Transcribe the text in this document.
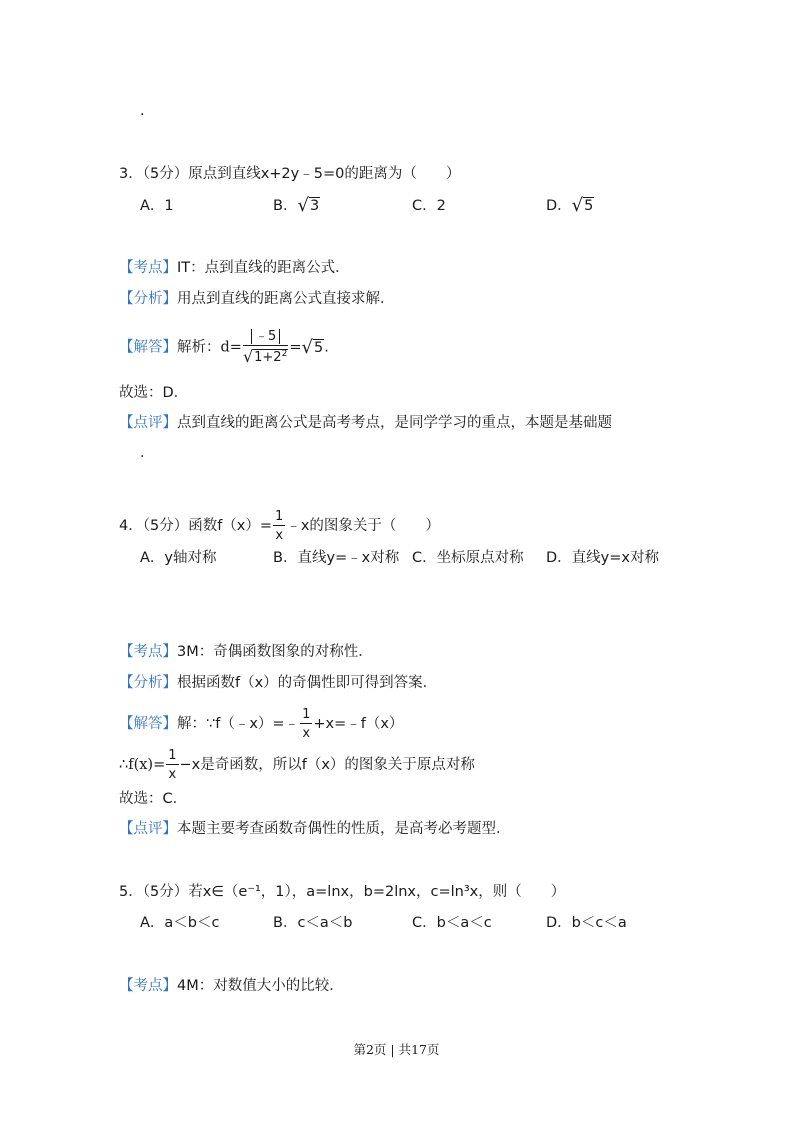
.
3．（5分）原点到直线x+2y﹣5=0的距离为（　　）
A．1	B．√3	C．2	D．√5
【考点】IT：点到直线的距离公式．
【分析】用点到直线的距离公式直接求解．
【解答】解析：$d= \frac{﹣5}{√1+2^2} =√5$.
故选：D．
【点评】点到直线的距离公式是高考考点，是同学学习的重点，本题是基础题
．
4．（5分）函数$f(x)= \frac{1}{x}$ ﹣x的图象关于（　　）
A．y轴对称	B．直线y=﹣x对称 C．坐标原点对称 D．直线y=x对称
【考点】3M：奇偶函数图象的对称性．
【分析】根据函数f（x）的奇偶性即可得到答案．
【解答】解：∵f（﹣x）=﹣ $\frac{1}{x}$ +x=﹣f（x）
∴f(x)= $\frac{1}{x} -x$是奇函数，所以f（x）的图象关于原点对称
故选：C．
【点评】本题主要考查函数奇偶性的性质，是高考必考题型．
5．（5分）若x∈（e⁻¹，1），a=lnx，b=2lnx，c=ln³x，则（　　）
A．a＜b＜c	B．c＜a＜b	C．b＜a＜c	D．b＜c＜a
【考点】4M：对数值大小的比较．
第2页 | 共17页
